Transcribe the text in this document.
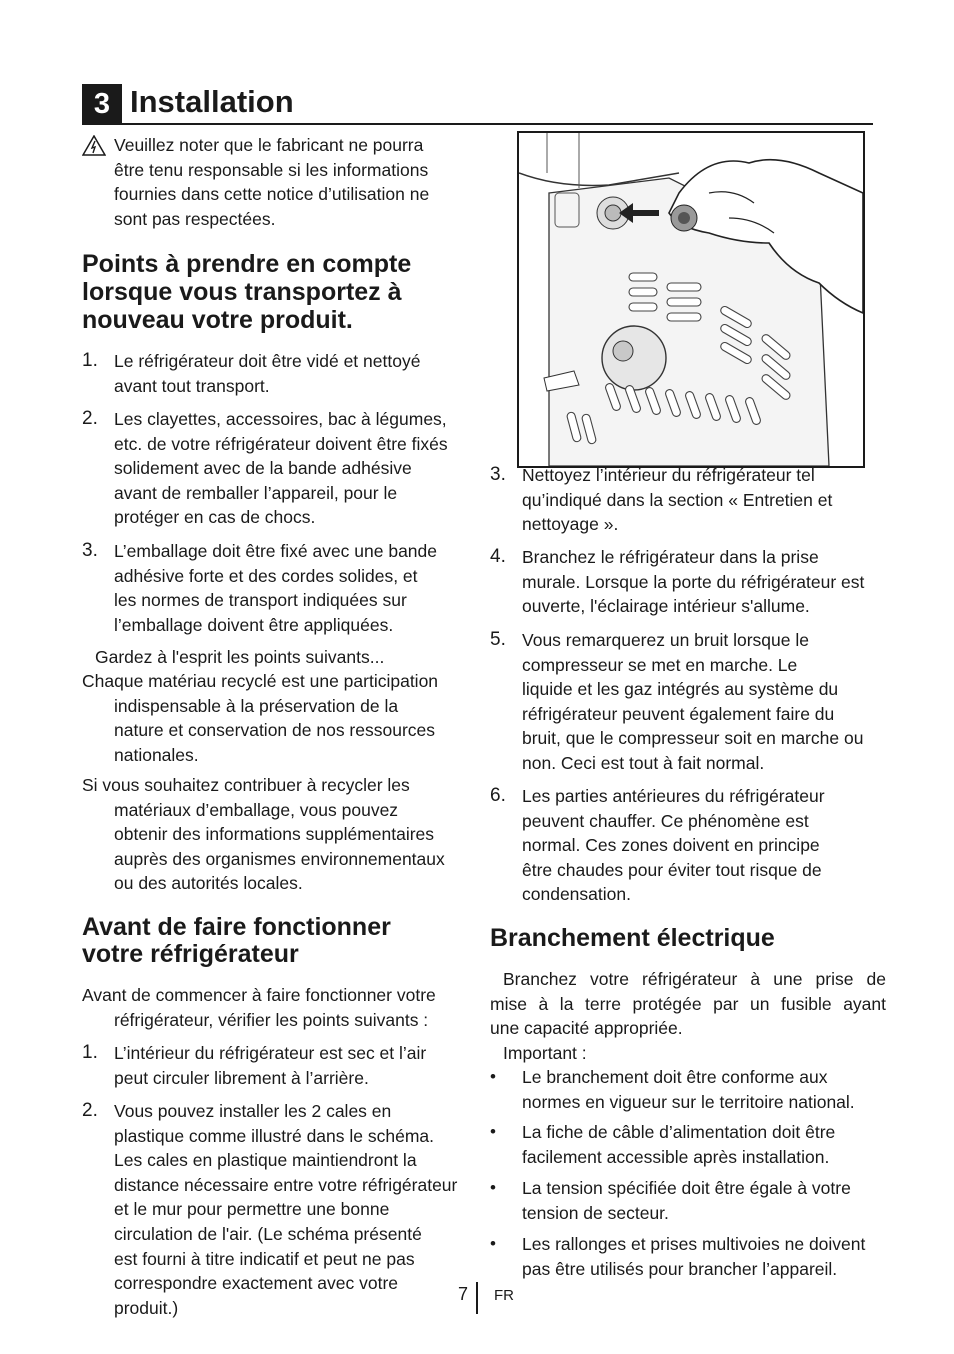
3 Installation

Veuillez noter que le fabricant ne pourra

être tenu responsable si les informations

fournies dans cette notice d’utilisation ne

sont pas respectées.

Points à prendre en compte

lorsque vous transportez à

nouveau votre produit.

1. Le réfrigérateur doit être vidé et nettoyé

avant tout transport.

2. Les clayettes, accessoires, bac à légumes,

etc. de votre réfrigérateur doivent être fixés

solidement avec de la bande adhésive

avant de remballer l’appareil, pour le

protéger en cas de chocs.

3. L’emballage doit être fixé avec une bande

adhésive forte et des cordes solides, et

les normes de transport indiquées sur

l’emballage doivent être appliquées.

Gardez à l'esprit les points suivants...

Chaque matériau recyclé est une participation

indispensable à la préservation de la

nature et conservation de nos ressources

nationales.

Si vous souhaitez contribuer à recycler les

matériaux d’emballage, vous pouvez

obtenir des informations supplémentaires

auprès des organismes environnementaux

ou des autorités locales.

Avant de faire fonctionner

votre réfrigérateur

Avant de commencer à faire fonctionner votre

réfrigérateur, vérifier les points suivants :

1. L’intérieur du réfrigérateur est sec et l’air

peut circuler librement à l’arrière.

2. Vous pouvez installer les 2 cales en

plastique comme illustré dans le schéma.

Les cales en plastique maintiendront la

distance nécessaire entre votre réfrigérateur

et le mur pour permettre une bonne

circulation de l'air. (Le schéma présenté

est fourni à titre indicatif et peut ne pas

correspondre exactement avec votre

produit.)

3. Nettoyez l’intérieur du réfrigérateur tel

qu’indiqué dans la section « Entretien et

nettoyage ».

4. Branchez le réfrigérateur dans la prise

murale. Lorsque la porte du réfrigérateur est

ouverte, l'éclairage intérieur s'allume.

5. Vous remarquerez un bruit lorsque le

compresseur se met en marche. Le

liquide et les gaz intégrés au système du

réfrigérateur peuvent également faire du

bruit, que le compresseur soit en marche ou

non. Ceci est tout à fait normal.

6. Les parties antérieures du réfrigérateur

peuvent chauffer. Ce phénomène est

normal. Ces zones doivent en principe

être chaudes pour éviter tout risque de

condensation.

Branchement électrique

Branchez votre réfrigérateur à une prise de

mise à la terre protégée par un fusible ayant

une capacité appropriée.

Important :

• Le branchement doit être conforme aux

normes en vigueur sur le territoire national.

• La fiche de câble d’alimentation doit être

facilement accessible après installation.

• La tension spécifiée doit être égale à votre

tension de secteur.

• Les rallonges et prises multivoies ne doivent

pas être utilisés pour brancher l’appareil.

7 FR
